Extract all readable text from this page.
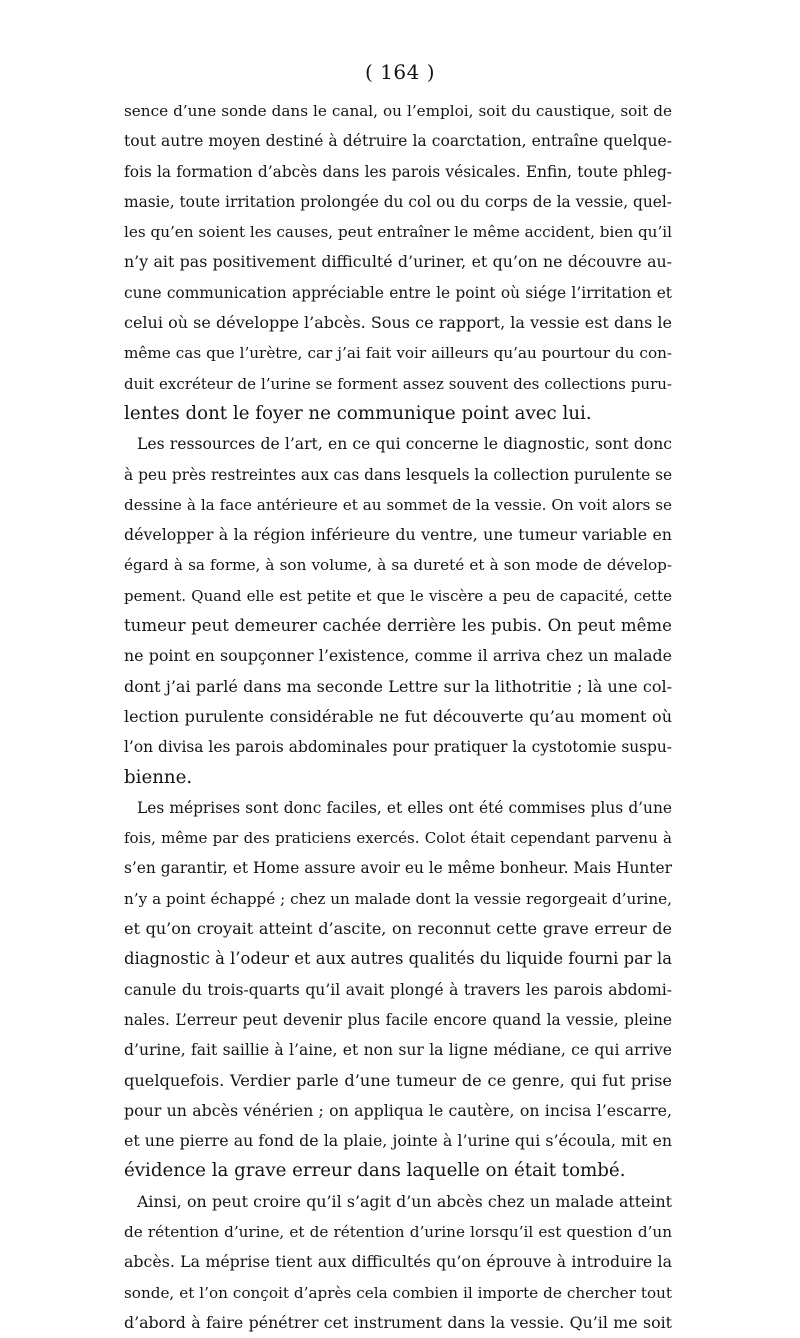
( 164 )
sence d’une sonde dans le canal, ou l’emploi, soit du caustique, soit de
tout autre moyen destiné à détruire la coarctation, entraîne quelque-
fois la formation d’abcès dans les parois vésicales. Enfin, toute phleg-
masie, toute irritation prolongée du col ou du corps de la vessie, quel-
les qu’en soient les causes, peut entraîner le même accident, bien qu’il
n’y ait pas positivement difficulté d’uriner, et qu’on ne découvre au-
cune communication appréciable entre le point où siége l’irritation et
celui où se développe l’abcès. Sous ce rapport, la vessie est dans le
même cas que l’urètre, car j’ai fait voir ailleurs qu’au pourtour du con-
duit excréteur de l’urine se forment assez souvent des collections puru-
lentes dont le foyer ne communique point avec lui.
Les ressources de l’art, en ce qui concerne le diagnostic, sont donc
à peu près restreintes aux cas dans lesquels la collection purulente se
dessine à la face antérieure et au sommet de la vessie. On voit alors se
développer à la région inférieure du ventre, une tumeur variable en
égard à sa forme, à son volume, à sa dureté et à son mode de dévelop-
pement. Quand elle est petite et que le viscère a peu de capacité, cette
tumeur peut demeurer cachée derrière les pubis. On peut même
ne point en soupçonner l’existence, comme il arriva chez un malade
dont j’ai parlé dans ma seconde Lettre sur la lithotritie ; là une col-
lection purulente considérable ne fut découverte qu’au moment où
l’on divisa les parois abdominales pour pratiquer la cystotomie suspu-
bienne.
Les méprises sont donc faciles, et elles ont été commises plus d’une
fois, même par des praticiens exercés. Colot était cependant parvenu à
s’en garantir, et Home assure avoir eu le même bonheur. Mais Hunter
n’y a point échappé ; chez un malade dont la vessie regorgeait d’urine,
et qu’on croyait atteint d’ascite, on reconnut cette grave erreur de
diagnostic à l’odeur et aux autres qualités du liquide fourni par la
canule du trois-quarts qu’il avait plongé à travers les parois abdomi-
nales. L’erreur peut devenir plus facile encore quand la vessie, pleine
d’urine, fait saillie à l’aine, et non sur la ligne médiane, ce qui arrive
quelquefois. Verdier parle d’une tumeur de ce genre, qui fut prise
pour un abcès vénérien ; on appliqua le cautère, on incisa l’escarre,
et une pierre au fond de la plaie, jointe à l’urine qui s’écoula, mit en
évidence la grave erreur dans laquelle on était tombé.
Ainsi, on peut croire qu’il s’agit d’un abcès chez un malade atteint
de rétention d’urine, et de rétention d’urine lorsqu’il est question d’un
abcès. La méprise tient aux difficultés qu’on éprouve à introduire la
sonde, et l’on conçoit d’après cela combien il importe de chercher tout
d’abord à faire pénétrer cet instrument dans la vessie. Qu’il me soit
